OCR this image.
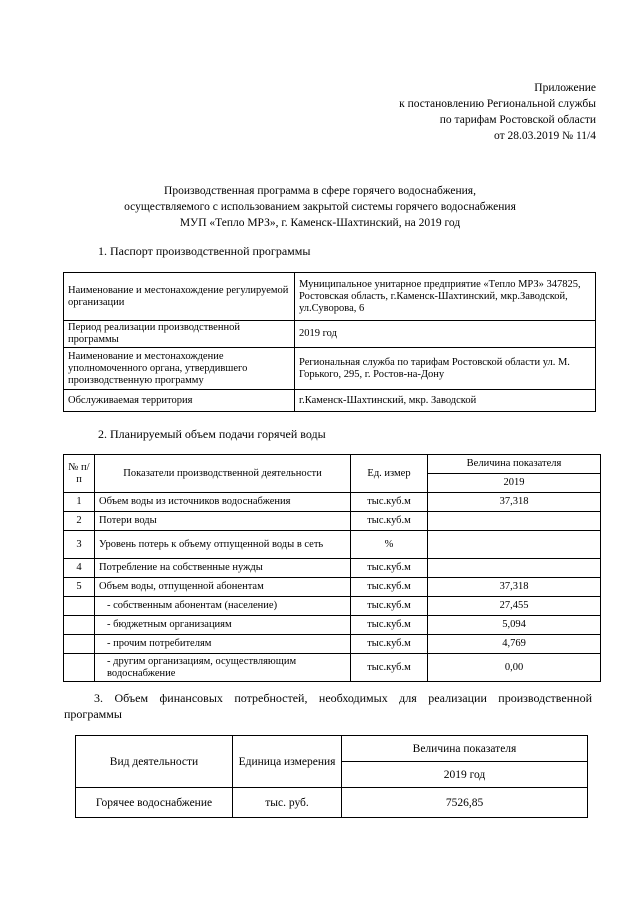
Приложение
к постановлению Региональной службы
по тарифам Ростовской области
от 28.03.2019 № 11/4
Производственная программа в сфере горячего водоснабжения,
осуществляемого с использованием закрытой системы горячего водоснабжения
МУП «Тепло МРЗ», г. Каменск-Шахтинский, на 2019 год
1. Паспорт производственной программы
Наименование и местонахождение регулируемой организации	Муниципальное унитарное предприятие «Тепло МРЗ» 347825, Ростовская область, г.Каменск-Шахтинский, мкр.Заводской, ул.Суворова, 6
Период реализации производственной программы	2019 год
Наименование и местонахождение уполномоченного органа, утвердившего производственную программу	Региональная служба по тарифам Ростовской области ул. М. Горького, 295, г. Ростов-на-Дону
Обслуживаемая территория	г.Каменск-Шахтинский, мкр. Заводской
2. Планируемый объем подачи горячей воды
№ п/п	Показатели производственной деятельности	Ед. измер	Величина показателя
			2019
1	Объем воды из источников водоснабжения	тыс.куб.м	37,318
2	Потери воды	тыс.куб.м	
3	Уровень потерь к объему отпущенной воды в сеть	%	
4	Потребление на собственные нужды	тыс.куб.м	
5	Объем воды, отпущенной абонентам	тыс.куб.м	37,318
	- собственным абонентам (население)	тыс.куб.м	27,455
	- бюджетным организациям	тыс.куб.м	5,094
	- прочим потребителям	тыс.куб.м	4,769
	- другим организациям, осуществляющим водоснабжение	тыс.куб.м	0,00
3. Объем финансовых потребностей, необходимых для реализации производственной программы
Вид деятельности	Единица измерения	Величина показателя
		2019 год
Горячее водоснабжение	тыс. руб.	7526,85
